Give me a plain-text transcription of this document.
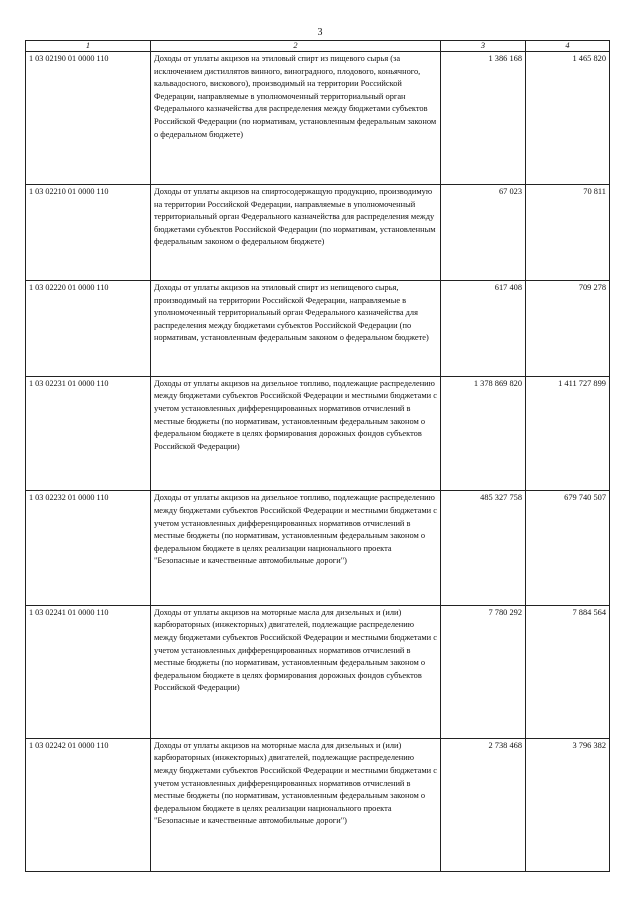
3
1	2	3	4
1 03 02190 01 0000 110	Доходы от уплаты акцизов на этиловый спирт из пищевого сырья (за исключением дистиллятов винного, виноградного, плодового, коньячного, кальвадосного, вискового), производимый на территории Российской Федерации, направляемые в уполномоченный территориальный орган Федерального казначейства для распределения между бюджетами субъектов Российской Федерации (по нормативам, установленным федеральным законом о федеральном бюджете)	1 386 168	1 465 820
1 03 02210 01 0000 110	Доходы от уплаты акцизов на спиртосодержащую продукцию, производимую на территории Российской Федерации, направляемые в уполномоченный территориальный орган Федерального казначейства для распределения между бюджетами субъектов Российской Федерации (по нормативам, установленным федеральным законом о федеральном бюджете)	67 023	70 811
1 03 02220 01 0000 110	Доходы от уплаты акцизов на этиловый спирт из непищевого сырья, производимый на территории Российской Федерации, направляемые в уполномоченный территориальный орган Федерального казначейства для распределения между бюджетами субъектов Российской Федерации (по нормативам, установленным федеральным законом о федеральном бюджете)	617 408	709 278
1 03 02231 01 0000 110	Доходы от уплаты акцизов на дизельное топливо, подлежащие распределению между бюджетами субъектов Российской Федерации и местными бюджетами с учетом установленных дифференцированных нормативов отчислений в местные бюджеты (по нормативам, установленным федеральным законом о федеральном бюджете в целях формирования дорожных фондов субъектов Российской Федерации)	1 378 869 820	1 411 727 899
1 03 02232 01 0000 110	Доходы от уплаты акцизов на дизельное топливо, подлежащие распределению между бюджетами субъектов Российской Федерации и местными бюджетами с учетом установленных дифференцированных нормативов отчислений в местные бюджеты (по нормативам, установленным федеральным законом о федеральном бюджете в целях реализации национального проекта "Безопасные и качественные автомобильные дороги")	485 327 758	679 740 507
1 03 02241 01 0000 110	Доходы от уплаты акцизов на моторные масла для дизельных и (или) карбюраторных (инжекторных) двигателей, подлежащие распределению между бюджетами субъектов Российской Федерации и местными бюджетами с учетом установленных дифференцированных нормативов отчислений в местные бюджеты (по нормативам, установленным федеральным законом о федеральном бюджете в целях формирования дорожных фондов субъектов Российской Федерации)	7 780 292	7 884 564
1 03 02242 01 0000 110	Доходы от уплаты акцизов на моторные масла для дизельных и (или) карбюраторных (инжекторных) двигателей, подлежащие распределению между бюджетами субъектов Российской Федерации и местными бюджетами с учетом установленных дифференцированных нормативов отчислений в местные бюджеты (по нормативам, установленным федеральным законом о федеральном бюджете в целях реализации национального проекта "Безопасные и качественные автомобильные дороги")	2 738 468	3 796 382
